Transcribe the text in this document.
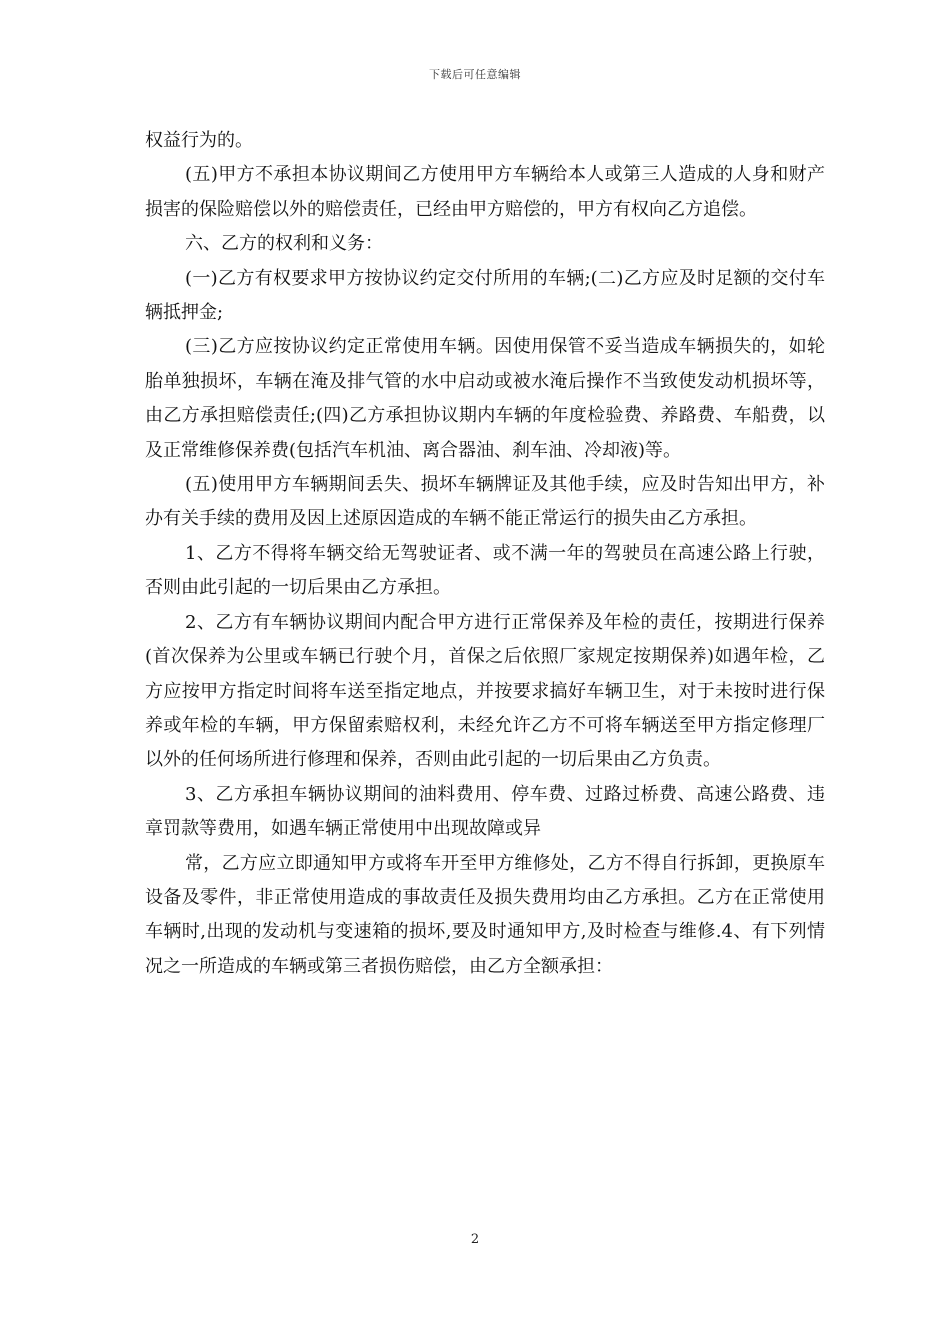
下载后可任意编辑

权益行为的。

(五)甲方不承担本协议期间乙方使用甲方车辆给本人或第三人造成的人身和财产损害的保险赔偿以外的赔偿责任，已经由甲方赔偿的，甲方有权向乙方追偿。

六、乙方的权利和义务：

(一)乙方有权要求甲方按协议约定交付所用的车辆;(二)乙方应及时足额的交付车辆抵押金;

(三)乙方应按协议约定正常使用车辆。因使用保管不妥当造成车辆损失的，如轮胎单独损坏，车辆在淹及排气管的水中启动或被水淹后操作不当致使发动机损坏等，由乙方承担赔偿责任;(四)乙方承担协议期内车辆的年度检验费、养路费、车船费，以及正常维修保养费(包括汽车机油、离合器油、刹车油、冷却液)等。

(五)使用甲方车辆期间丢失、损坏车辆牌证及其他手续，应及时告知出甲方，补办有关手续的费用及因上述原因造成的车辆不能正常运行的损失由乙方承担。

1、乙方不得将车辆交给无驾驶证者、或不满一年的驾驶员在高速公路上行驶，否则由此引起的一切后果由乙方承担。

2、乙方有车辆协议期间内配合甲方进行正常保养及年检的责任，按期进行保养(首次保养为公里或车辆已行驶个月，首保之后依照厂家规定按期保养)如遇年检，乙方应按甲方指定时间将车送至指定地点，并按要求搞好车辆卫生，对于未按时进行保养或年检的车辆，甲方保留索赔权利，未经允许乙方不可将车辆送至甲方指定修理厂以外的任何场所进行修理和保养，否则由此引起的一切后果由乙方负责。

3、乙方承担车辆协议期间的油料费用、停车费、过路过桥费、高速公路费、违章罚款等费用，如遇车辆正常使用中出现故障或异

常，乙方应立即通知甲方或将车开至甲方维修处，乙方不得自行拆卸，更换原车设备及零件，非正常使用造成的事故责任及损失费用均由乙方承担。乙方在正常使用车辆时,出现的发动机与变速箱的损坏,要及时通知甲方,及时检查与维修.4、有下列情况之一所造成的车辆或第三者损伤赔偿，由乙方全额承担：

2
